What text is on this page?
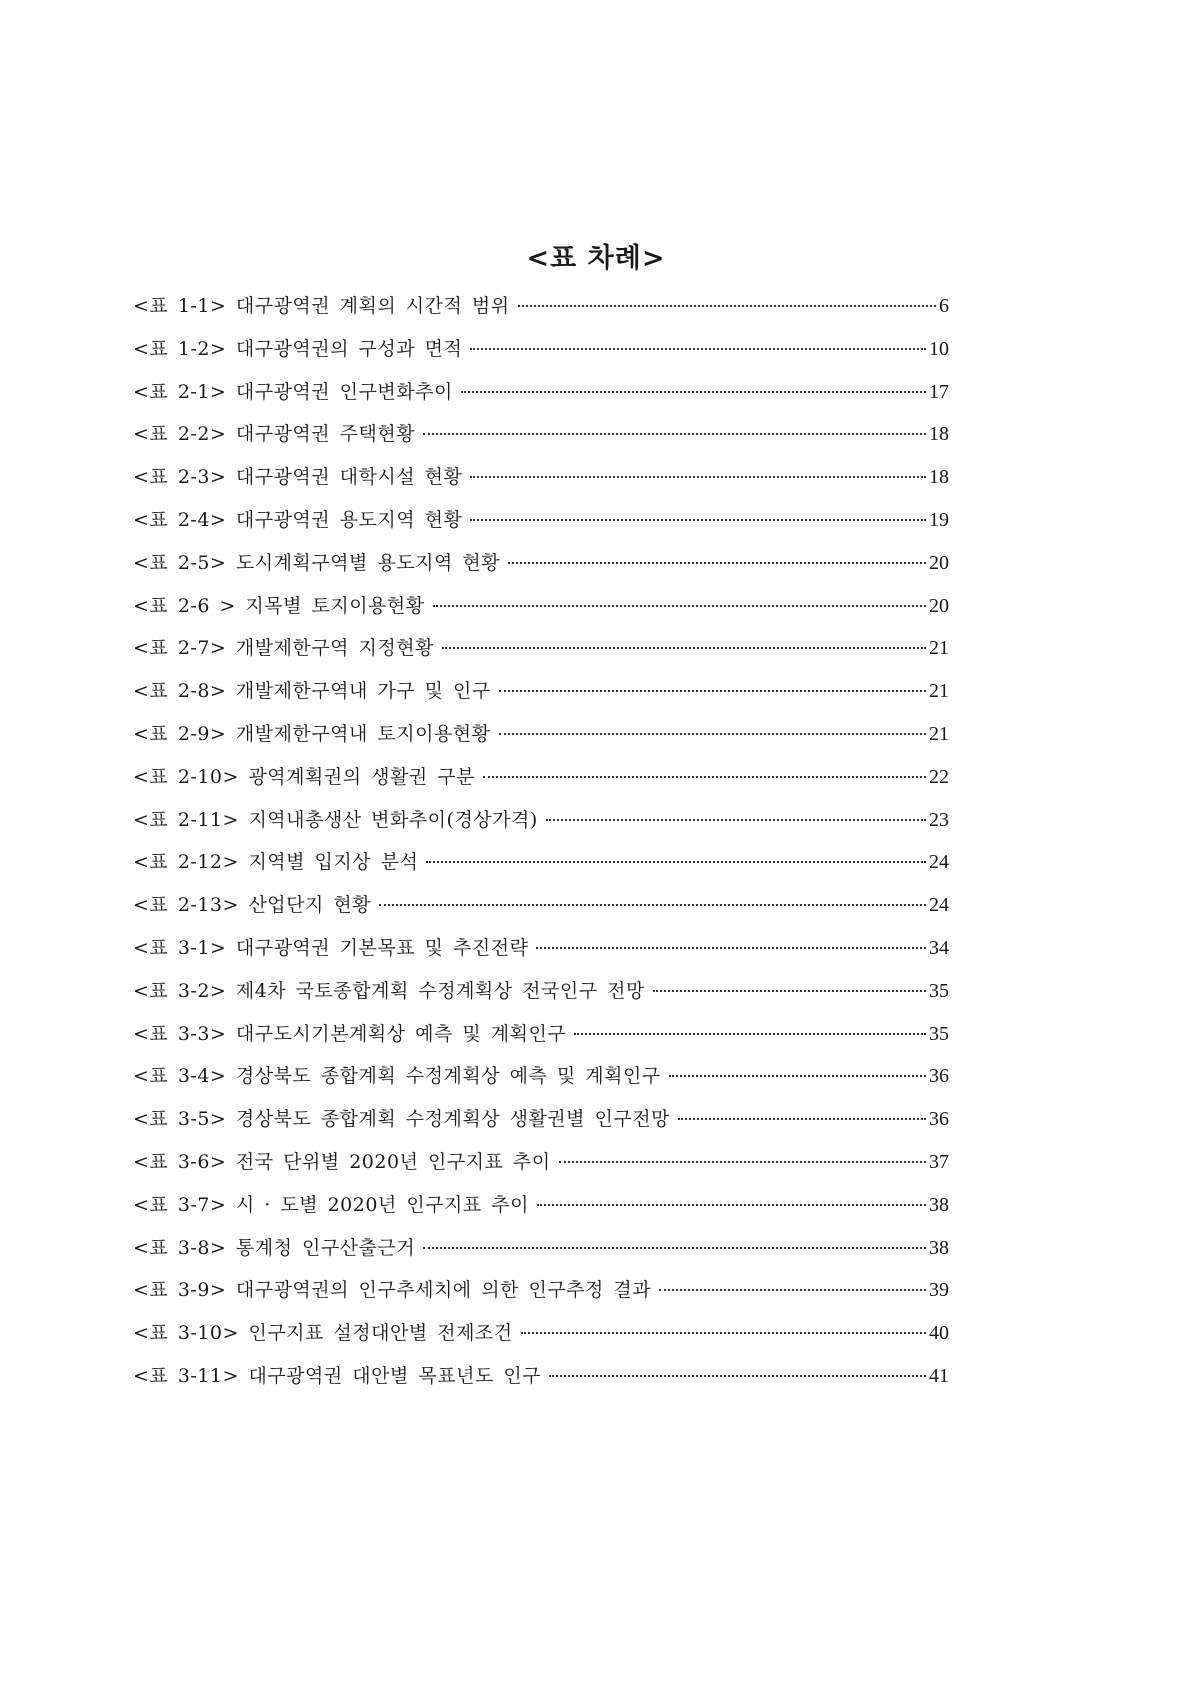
<표 차례>
<표 1-1> 대구광역권 계획의 시간적 범위	6
<표 1-2> 대구광역권의 구성과 면적	10
<표 2-1> 대구광역권 인구변화추이	17
<표 2-2> 대구광역권 주택현황	18
<표 2-3> 대구광역권 대학시설 현황	18
<표 2-4> 대구광역권 용도지역 현황	19
<표 2-5> 도시계획구역별 용도지역 현황	20
<표 2-6 > 지목별 토지이용현황	20
<표 2-7> 개발제한구역 지정현황	21
<표 2-8> 개발제한구역내 가구 및 인구	21
<표 2-9> 개발제한구역내 토지이용현황	21
<표 2-10> 광역계획권의 생활권 구분	22
<표 2-11> 지역내총생산 변화추이(경상가격)	23
<표 2-12> 지역별 입지상 분석	24
<표 2-13> 산업단지 현황	24
<표 3-1> 대구광역권 기본목표 및 추진전략	34
<표 3-2> 제4차 국토종합계획 수정계획상 전국인구 전망	35
<표 3-3> 대구도시기본계획상 예측 및 계획인구	35
<표 3-4> 경상북도 종합계획 수정계획상 예측 및 계획인구	36
<표 3-5> 경상북도 종합계획 수정계획상 생활권별 인구전망	36
<표 3-6> 전국 단위별 2020년 인구지표 추이	37
<표 3-7> 시 · 도별 2020년 인구지표 추이	38
<표 3-8> 통계청 인구산출근거	38
<표 3-9> 대구광역권의 인구추세치에 의한 인구추정 결과	39
<표 3-10> 인구지표 설정대안별 전제조건	40
<표 3-11> 대구광역권 대안별 목표년도 인구	41
